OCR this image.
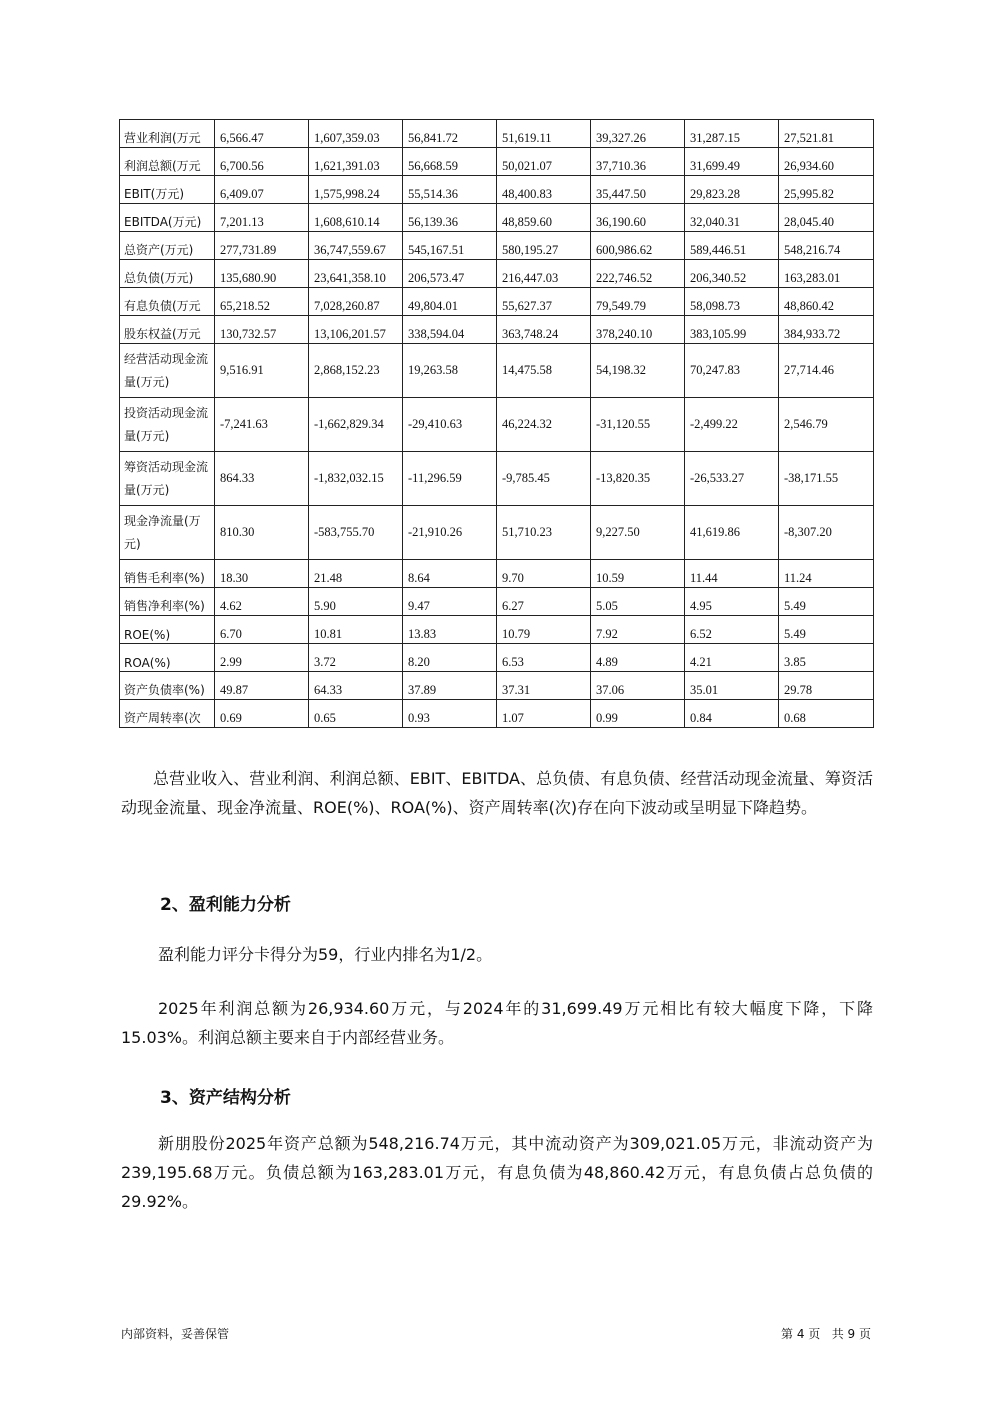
营业利润(万元	6,566.47	1,607,359.03	56,841.72	51,619.11	39,327.26	31,287.15	27,521.81
利润总额(万元	6,700.56	1,621,391.03	56,668.59	50,021.07	37,710.36	31,699.49	26,934.60
EBIT(万元)	6,409.07	1,575,998.24	55,514.36	48,400.83	35,447.50	29,823.28	25,995.82
EBITDA(万元)	7,201.13	1,608,610.14	56,139.36	48,859.60	36,190.60	32,040.31	28,045.40
总资产(万元)	277,731.89	36,747,559.67	545,167.51	580,195.27	600,986.62	589,446.51	548,216.74
总负债(万元)	135,680.90	23,641,358.10	206,573.47	216,447.03	222,746.52	206,340.52	163,283.01
有息负债(万元	65,218.52	7,028,260.87	49,804.01	55,627.37	79,549.79	58,098.73	48,860.42
股东权益(万元	130,732.57	13,106,201.57	338,594.04	363,748.24	378,240.10	383,105.99	384,933.72
经营活动现金流量(万元)	9,516.91	2,868,152.23	19,263.58	14,475.58	54,198.32	70,247.83	27,714.46
投资活动现金流量(万元)	-7,241.63	-1,662,829.34	-29,410.63	46,224.32	-31,120.55	-2,499.22	2,546.79
筹资活动现金流量(万元)	864.33	-1,832,032.15	-11,296.59	-9,785.45	-13,820.35	-26,533.27	-38,171.55
现金净流量(万元)	810.30	-583,755.70	-21,910.26	51,710.23	9,227.50	41,619.86	-8,307.20
销售毛利率(%)	18.30	21.48	8.64	9.70	10.59	11.44	11.24
销售净利率(%)	4.62	5.90	9.47	6.27	5.05	4.95	5.49
ROE(%)	6.70	10.81	13.83	10.79	7.92	6.52	5.49
ROA(%)	2.99	3.72	8.20	6.53	4.89	4.21	3.85
资产负债率(%)	49.87	64.33	37.89	37.31	37.06	35.01	29.78
资产周转率(次	0.69	0.65	0.93	1.07	0.99	0.84	0.68

总营业收入、营业利润、利润总额、EBIT、EBITDA、总负债、有息负债、经营活动现金流量、筹资活动现金流量、现金净流量、ROE(%)、ROA(%)、资产周转率(次)存在向下波动或呈明显下降趋势。

2、盈利能力分析

盈利能力评分卡得分为59，行业内排名为1/2。

2025年利润总额为26,934.60万元，与2024年的31,699.49万元相比有较大幅度下降，下降15.03%。利润总额主要来自于内部经营业务。

3、资产结构分析

新朋股份2025年资产总额为548,216.74万元，其中流动资产为309,021.05万元，非流动资产为239,195.68万元。负债总额为163,283.01万元，有息负债为48,860.42万元，有息负债占总负债的29.92%。

内部资料，妥善保管	第 4 页   共 9 页
